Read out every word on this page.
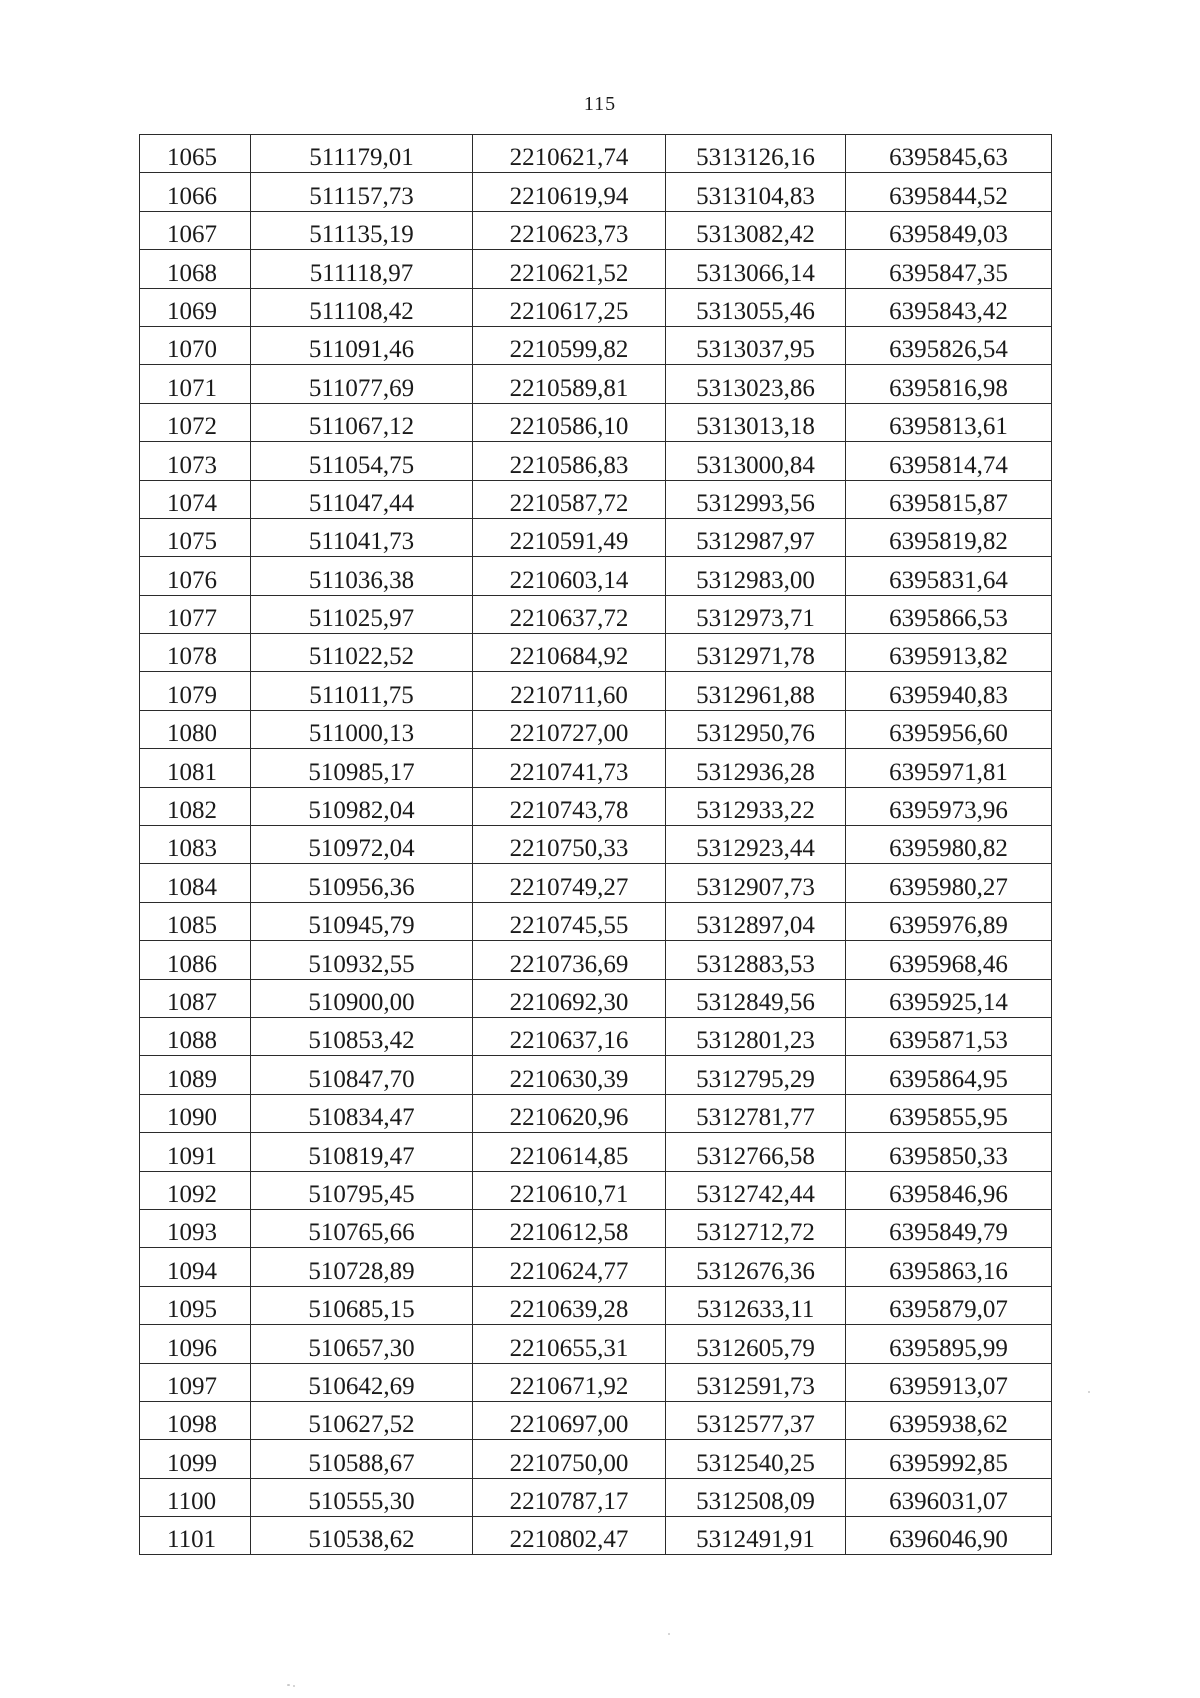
115
1065	511179,01	2210621,74	5313126,16	6395845,63
1066	511157,73	2210619,94	5313104,83	6395844,52
1067	511135,19	2210623,73	5313082,42	6395849,03
1068	511118,97	2210621,52	5313066,14	6395847,35
1069	511108,42	2210617,25	5313055,46	6395843,42
1070	511091,46	2210599,82	5313037,95	6395826,54
1071	511077,69	2210589,81	5313023,86	6395816,98
1072	511067,12	2210586,10	5313013,18	6395813,61
1073	511054,75	2210586,83	5313000,84	6395814,74
1074	511047,44	2210587,72	5312993,56	6395815,87
1075	511041,73	2210591,49	5312987,97	6395819,82
1076	511036,38	2210603,14	5312983,00	6395831,64
1077	511025,97	2210637,72	5312973,71	6395866,53
1078	511022,52	2210684,92	5312971,78	6395913,82
1079	511011,75	2210711,60	5312961,88	6395940,83
1080	511000,13	2210727,00	5312950,76	6395956,60
1081	510985,17	2210741,73	5312936,28	6395971,81
1082	510982,04	2210743,78	5312933,22	6395973,96
1083	510972,04	2210750,33	5312923,44	6395980,82
1084	510956,36	2210749,27	5312907,73	6395980,27
1085	510945,79	2210745,55	5312897,04	6395976,89
1086	510932,55	2210736,69	5312883,53	6395968,46
1087	510900,00	2210692,30	5312849,56	6395925,14
1088	510853,42	2210637,16	5312801,23	6395871,53
1089	510847,70	2210630,39	5312795,29	6395864,95
1090	510834,47	2210620,96	5312781,77	6395855,95
1091	510819,47	2210614,85	5312766,58	6395850,33
1092	510795,45	2210610,71	5312742,44	6395846,96
1093	510765,66	2210612,58	5312712,72	6395849,79
1094	510728,89	2210624,77	5312676,36	6395863,16
1095	510685,15	2210639,28	5312633,11	6395879,07
1096	510657,30	2210655,31	5312605,79	6395895,99
1097	510642,69	2210671,92	5312591,73	6395913,07
1098	510627,52	2210697,00	5312577,37	6395938,62
1099	510588,67	2210750,00	5312540,25	6395992,85
1100	510555,30	2210787,17	5312508,09	6396031,07
1101	510538,62	2210802,47	5312491,91	6396046,90
